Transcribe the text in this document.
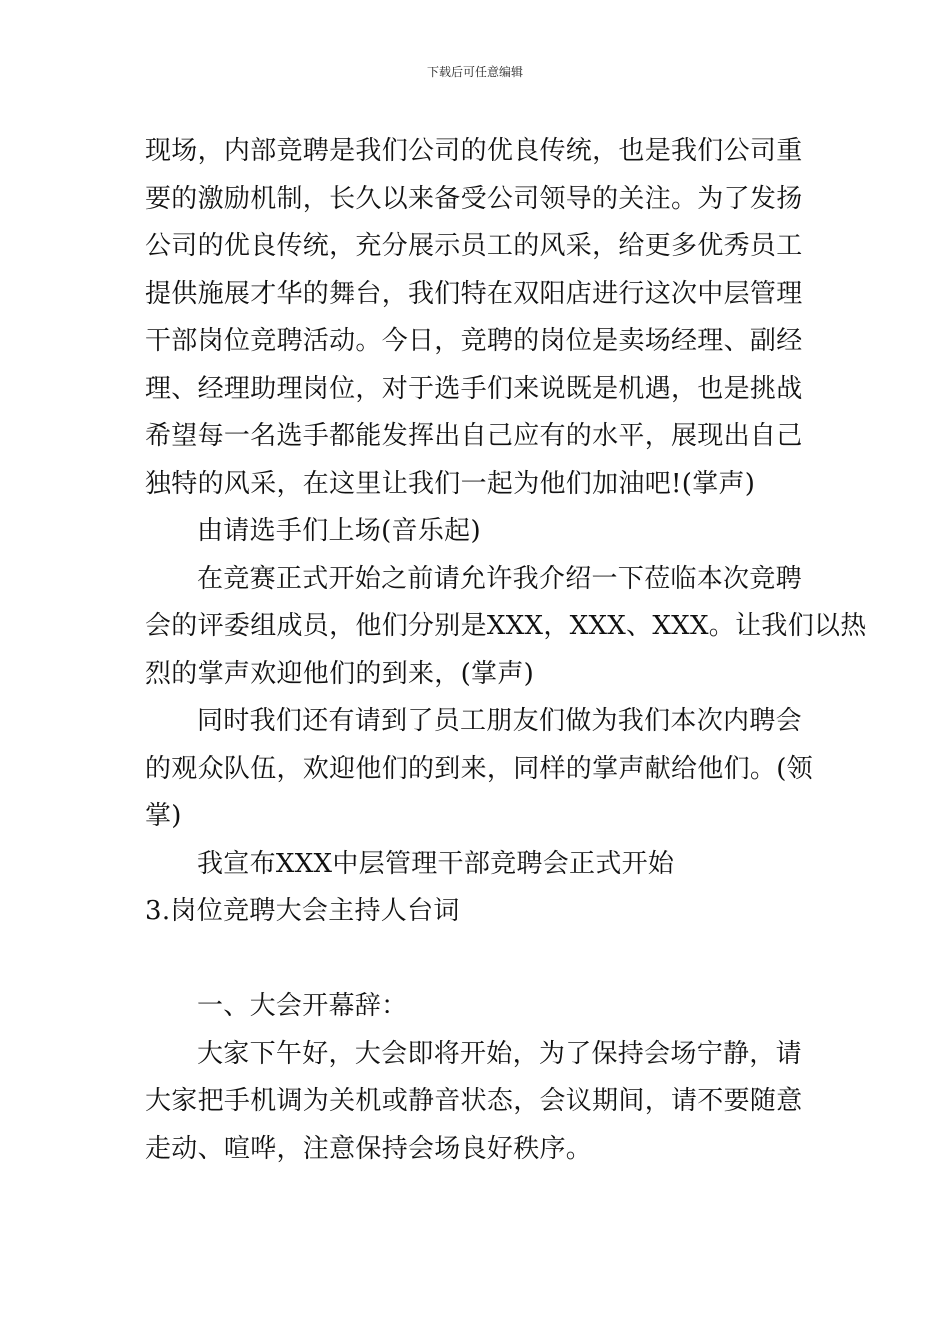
下载后可任意编辑
现场，内部竞聘是我们公司的优良传统，也是我们公司重
要的激励机制，长久以来备受公司领导的关注。为了发扬
公司的优良传统，充分展示员工的风采，给更多优秀员工
提供施展才华的舞台，我们特在双阳店进行这次中层管理
干部岗位竞聘活动。今日，竞聘的岗位是卖场经理、副经
理、经理助理岗位，对于选手们来说既是机遇，也是挑战
希望每一名选手都能发挥出自己应有的水平，展现出自己
独特的风采，在这里让我们一起为他们加油吧!(掌声)
由请选手们上场(音乐起)
在竞赛正式开始之前请允许我介绍一下莅临本次竞聘
会的评委组成员，他们分别是XXX，XXX、XXX。让我们以热
烈的掌声欢迎他们的到来，(掌声)
同时我们还有请到了员工朋友们做为我们本次内聘会
的观众队伍，欢迎他们的到来，同样的掌声献给他们。(领
掌)
我宣布XXX中层管理干部竞聘会正式开始
3.岗位竞聘大会主持人台词
一、大会开幕辞：
大家下午好，大会即将开始，为了保持会场宁静，请
大家把手机调为关机或静音状态，会议期间，请不要随意
走动、喧哗，注意保持会场良好秩序。
